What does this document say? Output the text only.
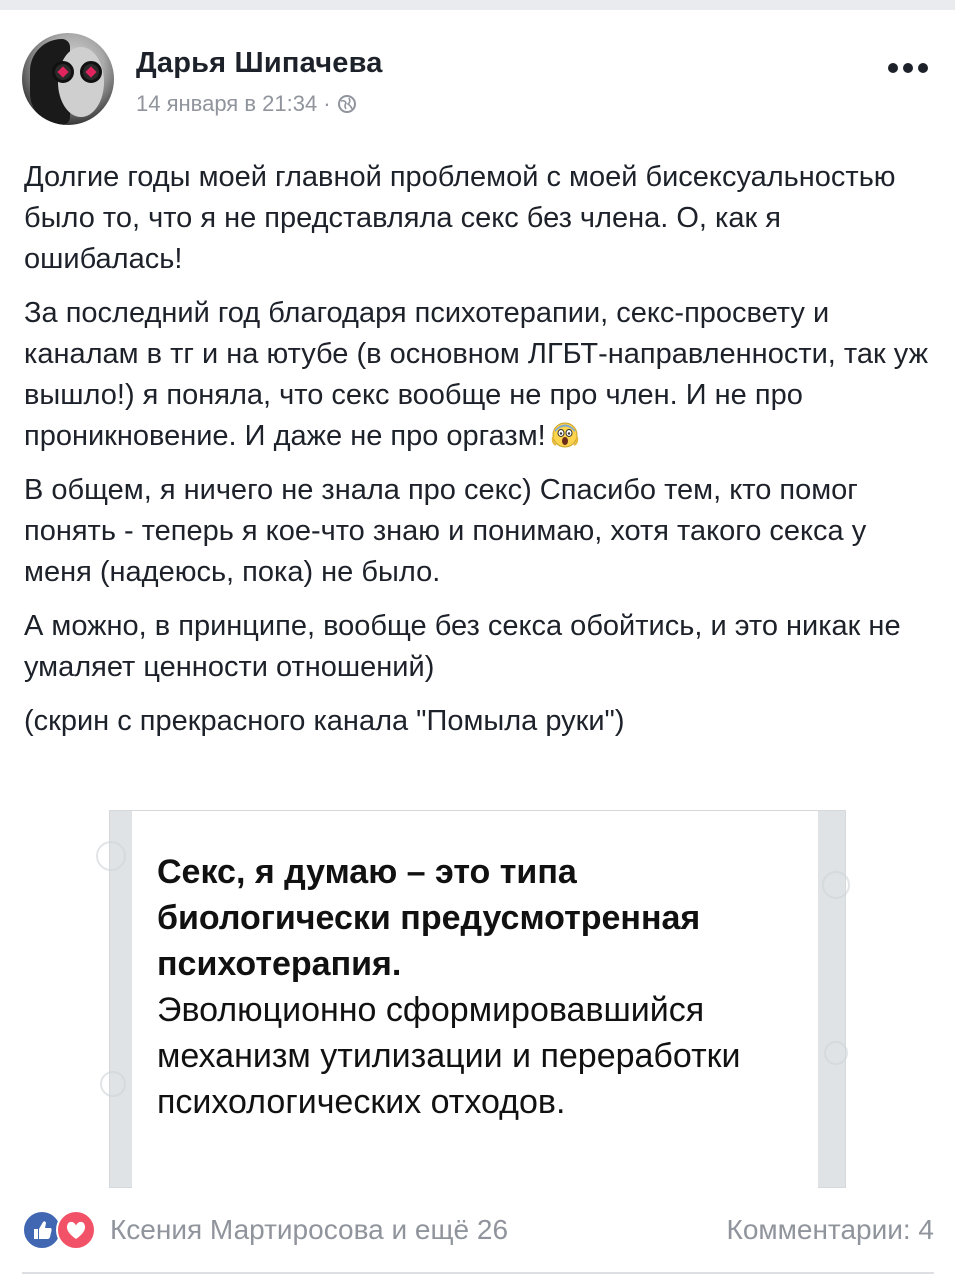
Дарья Шипачева
14 января в 21:34 ·

Долгие годы моей главной проблемой с моей бисексуальностью было то, что я не представляла секс без члена. О, как я ошибалась!

За последний год благодаря психотерапии, секс-просвету и каналам в тг и на ютубе (в основном ЛГБТ-направленности, так уж вышло!) я поняла, что секс вообще не про член. И не про проникновение. И даже не про оргазм!

В общем, я ничего не знала про секс) Спасибо тем, кто помог понять - теперь я кое-что знаю и понимаю, хотя такого секса у меня (надеюсь, пока) не было.

А можно, в принципе, вообще без секса обойтись, и это никак не умаляет ценности отношений)

(скрин с прекрасного канала "Помыла руки")

Секс, я думаю – это типа биологически предусмотренная психотерапия.
Эволюционно сформировавшийся механизм утилизации и переработки психологических отходов.
Ксения Мартиросова и ещё 26	Комментарии: 4
